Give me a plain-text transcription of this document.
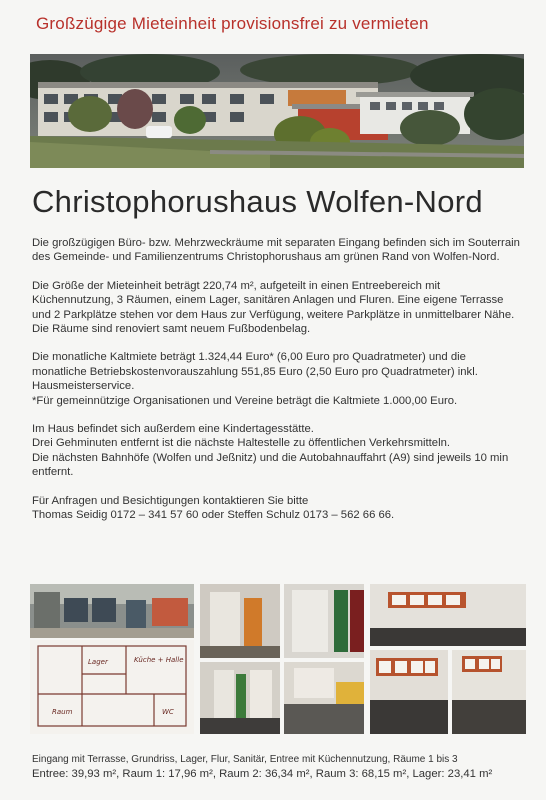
Großzügige Mieteinheit provisionsfrei zu vermieten
Christophorushaus Wolfen-Nord

Die großzügigen Büro- bzw. Mehrzweckräume mit separaten Eingang befinden sich im Souterrain des Gemeinde- und Familienzentrums Christophorushaus am grünen Rand von Wolfen-Nord.

Die Größe der Mieteinheit beträgt 220,74 m², aufgeteilt in einen Entreebereich mit Küchennutzung, 3 Räumen, einem Lager, sanitären Anlagen und Fluren. Eine eigene Terrasse und 2 Parkplätze stehen vor dem Haus zur Verfügung, weitere Parkplätze in unmittelbarer Nähe. Die Räume sind renoviert samt neuem Fußbodenbelag.

Die monatliche Kaltmiete beträgt 1.324,44 Euro* (6,00 Euro pro Quadratmeter) und die monatliche Betriebskostenvorauszahlung 551,85 Euro (2,50 Euro pro Quadratmeter) inkl. Hausmeisterservice.
*Für gemeinnützige Organisationen und Vereine beträgt die Kaltmiete 1.000,00 Euro.

Im Haus befindet sich außerdem eine Kindertagesstätte.
Drei Gehminuten entfernt ist die nächste Haltestelle zu öffentlichen Verkehrsmitteln.
Die nächsten Bahnhöfe (Wolfen und Jeßnitz) und die Autobahnauffahrt (A9) sind jeweils 10 min entfernt.

Für Anfragen und Besichtigungen kontaktieren Sie bitte
Thomas Seidig 0172 – 341 57 60 oder Steffen Schulz 0173 – 562 66 66.

Lager	Küche + Halle
Raum	WC
Eingang mit Terrasse, Grundriss, Lager, Flur, Sanitär, Entree mit Küchennutzung, Räume 1 bis 3
Entree: 39,93 m², Raum 1: 17,96 m², Raum 2: 36,34 m², Raum 3: 68,15 m², Lager: 23,41 m²
